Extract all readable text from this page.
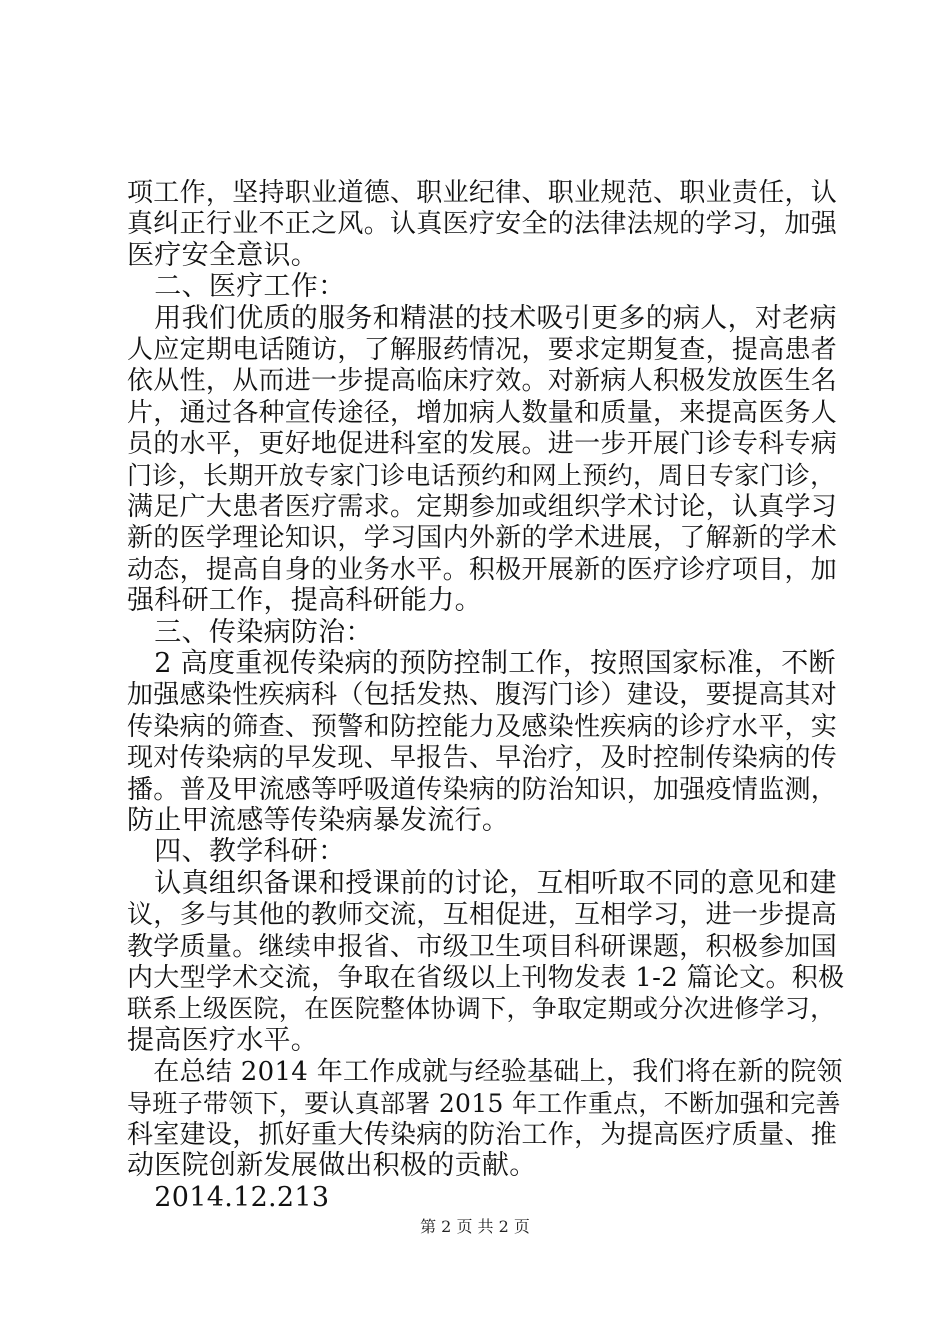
项工作，坚持职业道德、职业纪律、职业规范、职业责任，认
真纠正行业不正之风。认真医疗安全的法律法规的学习，加强
医疗安全意识。
　二、医疗工作：
　用我们优质的服务和精湛的技术吸引更多的病人，对老病
人应定期电话随访，了解服药情况，要求定期复查，提高患者
依从性，从而进一步提高临床疗效。对新病人积极发放医生名
片，通过各种宣传途径，增加病人数量和质量，来提高医务人
员的水平，更好地促进科室的发展。进一步开展门诊专科专病
门诊，长期开放专家门诊电话预约和网上预约，周日专家门诊，
满足广大患者医疗需求。定期参加或组织学术讨论，认真学习
新的医学理论知识，学习国内外新的学术进展，了解新的学术
动态，提高自身的业务水平。积极开展新的医疗诊疗项目，加
强科研工作，提高科研能力。
　三、传染病防治：
　2 高度重视传染病的预防控制工作，按照国家标准，不断
加强感染性疾病科（包括发热、腹泻门诊）建设，要提高其对
传染病的筛查、预警和防控能力及感染性疾病的诊疗水平，实
现对传染病的早发现、早报告、早治疗，及时控制传染病的传
播。普及甲流感等呼吸道传染病的防治知识，加强疫情监测，
防止甲流感等传染病暴发流行。
　四、教学科研：
　认真组织备课和授课前的讨论，互相听取不同的意见和建
议，多与其他的教师交流，互相促进，互相学习，进一步提高
教学质量。继续申报省、市级卫生项目科研课题，积极参加国
内大型学术交流，争取在省级以上刊物发表 1-2 篇论文。积极
联系上级医院，在医院整体协调下，争取定期或分次进修学习，
提高医疗水平。
　在总结 2014 年工作成就与经验基础上，我们将在新的院领
导班子带领下，要认真部署 2015 年工作重点，不断加强和完善
科室建设，抓好重大传染病的防治工作，为提高医疗质量、推
动医院创新发展做出积极的贡献。
　2014.12.213
第 2 页 共 2 页
